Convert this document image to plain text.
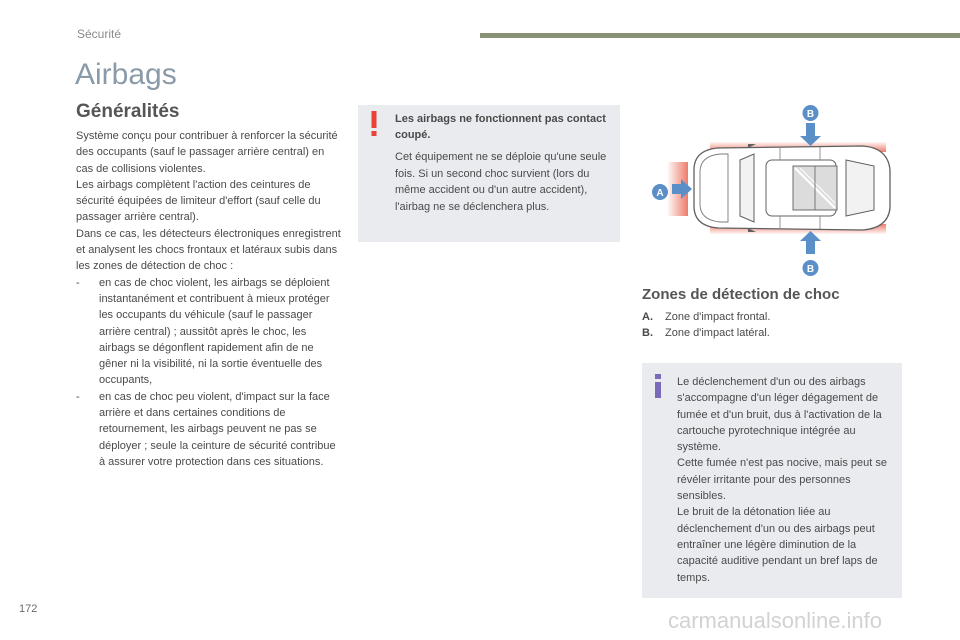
Sécurité
Airbags
Généralités

Système conçu pour contribuer à renforcer la sécurité des occupants (sauf le passager arrière central) en cas de collisions violentes.

Les airbags complètent l'action des ceintures de sécurité équipées de limiteur d'effort (sauf celle du passager arrière central).

Dans ce cas, les détecteurs électroniques enregistrent et analysent les chocs frontaux et latéraux subis dans les zones de détection de choc :

-	en cas de choc violent, les airbags se déploient instantanément et contribuent à mieux protéger les occupants du véhicule (sauf le passager arrière central) ; aussitôt après le choc, les airbags se dégonflent rapidement afin de ne gêner ni la visibilité, ni la sortie éventuelle des occupants,
-	en cas de choc peu violent, d'impact sur la face arrière et dans certaines conditions de retournement, les airbags peuvent ne pas se déployer ; seule la ceinture de sécurité contribue à assurer votre protection dans ces situations.
Les airbags ne fonctionnent pas contact coupé.
Cet équipement ne se déploie qu'une seule fois. Si un second choc survient (lors du même accident ou d'un autre accident), l'airbag ne se déclenchera plus.
A
B
B
Zones de détection de choc
A.	Zone d'impact frontal.
B.	Zone d'impact latéral.

Le déclenchement d'un ou des airbags s'accompagne d'un léger dégagement de fumée et d'un bruit, dus à l'activation de la cartouche pyrotechnique intégrée au système.

Cette fumée n'est pas nocive, mais peut se révéler irritante pour des personnes sensibles.

Le bruit de la détonation liée au déclenchement d'un ou des airbags peut entraîner une légère diminution de la capacité auditive pendant un bref laps de temps.

172	carmanualsonline.info
